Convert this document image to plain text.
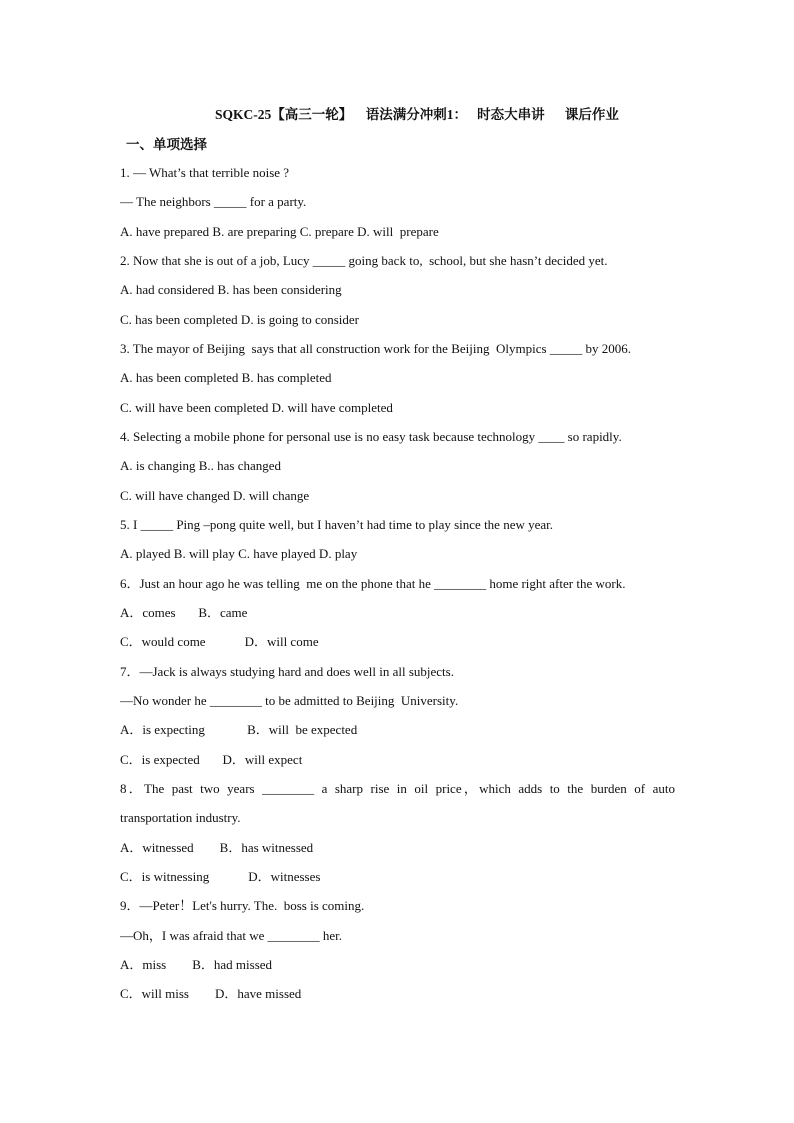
SQKC-25【高三一轮】    语法满分冲刺1：   时态大串讲      课后作业
一、单项选择
1. — What’s that terrible noise ?
— The neighbors _____ for a party.
A. have prepared B. are preparing C. prepare D. will  prepare
2. Now that she is out of a job, Lucy _____ going back to,  school, but she hasn’t decided yet.
A. had considered B. has been considering
C. has been completed D. is going to consider
3. The mayor of Beijing  says that all construction work for the Beijing  Olympics _____ by 2006.
A. has been completed B. has completed
C. will have been completed D. will have completed
4. Selecting a mobile phone for personal use is no easy task because technology ____ so rapidly.
A. is changing B.. has changed
C. will have changed D. will change
5. I _____ Ping –pong quite well, but I haven’t had time to play since the new year.
A. played B. will play C. have played D. play
6．Just an hour ago he was telling  me on the phone that he ________ home right after the work.
A．comes       B．came
C．would come            D．will come
7．—Jack is always studying hard and does well in all subjects.
—No wonder he ________ to be admitted to Beijing  University.
A．is expecting             B．will  be expected
C．is expected       D．will expect
8．The past two years ________ a sharp rise in oil price，which adds to the burden of auto
transportation industry.
A．witnessed        B．has witnessed
C．is witnessing            D．witnesses
9．—Peter！Let's hurry. The.  boss is coming.
—Oh，I was afraid that we ________ her.
A．miss        B．had missed
C．will miss        D．have missed
